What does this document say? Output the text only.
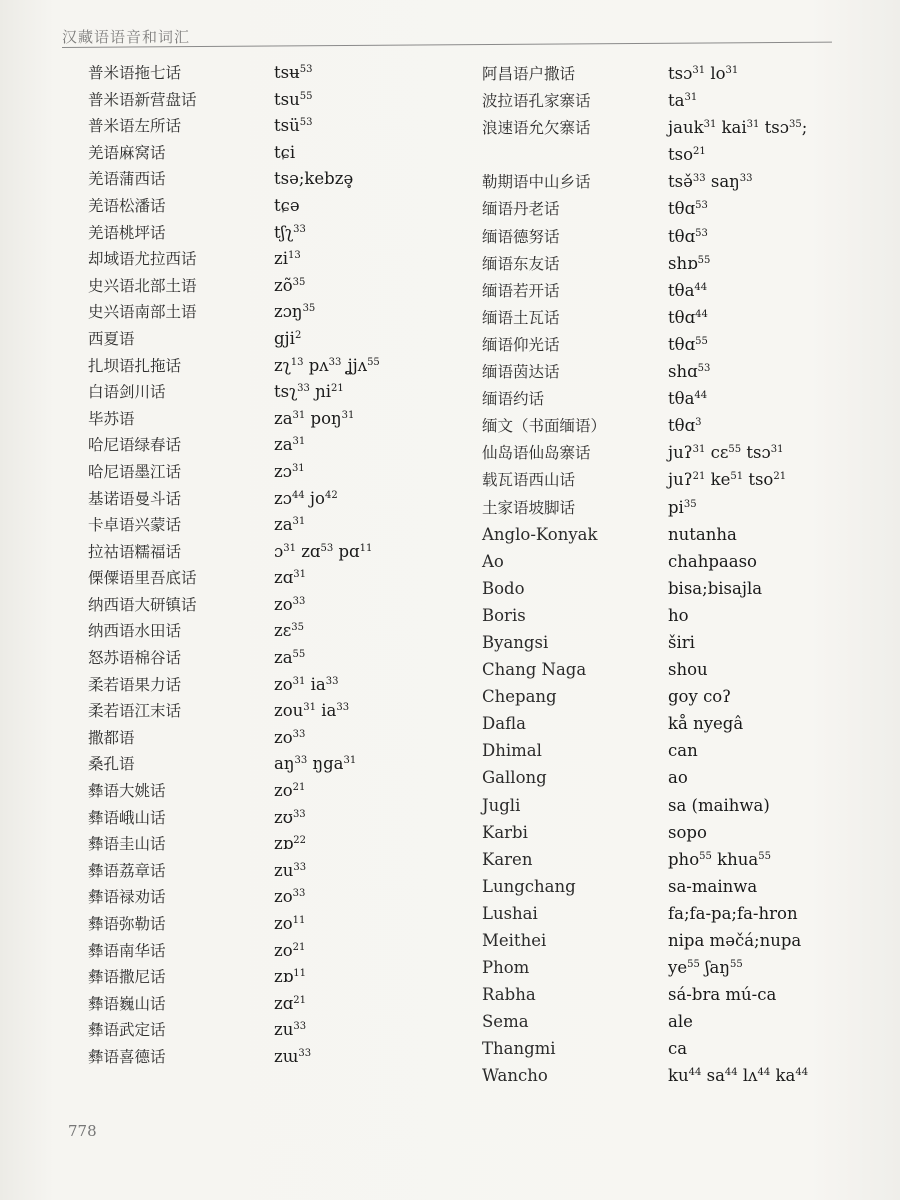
汉藏语语音和词汇
普米语拖七话	tsʉ$^{53}$
普米语新营盘话	tsu$^{55}$
普米语左所话	tsü$^{53}$
羌语麻窝话	tɕi
羌语蒲西话	tsə;kebzə̥
羌语松潘话	tɕə
羌语桃坪话	tʃʅ$^{33}$
却域语尤拉西话	$zi^{13}$
史兴语北部土语	$zõ^{35}$
史兴语南部土语	zɔŋ$^{35}$
西夏语	gji$^2$
扎坝语扎拖话	zʅ$^{13}$ pʌ$^{33}$ ʝjʌ$^{55}$
白语剑川话	tsʅ$^{33}$ ɲi$^{21}$
毕苏语	$za^{31}$ poŋ$^{31}$
哈尼语绿春话	$za^{31}$
哈尼语墨江话	zɔ$^{31}$
基诺语曼斗话	zɔ$^{44}$ $jo^{42}$
卡卓语兴蒙话	$za^{31}$
拉祜语糯福话	ɔ$^{31}$ zɑ$^{53}$ pɑ$^{11}$
傈僳语里吾底话	zɑ$^{31}$
纳西语大研镇话	$zo^{33}$
纳西语水田话	zɛ$^{35}$
怒苏语棉谷话	$za^{55}$
柔若语果力话	$zo^{31}$ $ia^{33}$
柔若语江末话	zou$^{31}$ $ia^{33}$
撒都语	$zo^{33}$
桑孔语	$aŋ^{33}$ ŋga$^{31}$
彝语大姚话	$zo^{21}$
彝语峨山话	zʊ$^{33}$
彝语圭山话	zɒ$^{22}$
彝语荔章话	$zu^{33}$
彝语禄劝话	$zo^{33}$
彝语弥勒话	$zo^{11}$
彝语南华话	$zo^{21}$
彝语撒尼话	zɒ$^{11}$
彝语巍山话	zɑ$^{21}$
彝语武定话	$zu^{33}$
彝语喜德话	zɯ$^{33}$
阿昌语户撒话	tsɔ$^{31}$ $lo^{31}$
波拉语孔家寨话	$ta^{31}$
浪速语允欠寨话	jauk$^{31}$ kai$^{31}$ tsɔ$^{35}$;
tso$^{21}$
勒期语中山乡话	tsə̌$^{33}$ saŋ$^{33}$
缅语丹老话	tθɑ$^{53}$
缅语德努话	tθɑ$^{53}$
缅语东友话	shɒ$^{55}$
缅语若开话	tθa$^{44}$
缅语土瓦话	tθɑ$^{44}$
缅语仰光话	tθɑ$^{55}$
缅语茵达话	shɑ$^{53}$
缅语约话	tθa$^{44}$
缅文（书面缅语）	tθɑ$^3$
仙岛语仙岛寨话	juʔ$^{31}$ cɛ$^{55}$ tsɔ$^{31}$
载瓦语西山话	juʔ$^{21}$ $ke^{51}$ tso$^{21}$
土家语坡脚话	$pi^{35}$
Anglo-Konyak	nutanha
Ao	chahpaaso
Bodo	bisa;bisajla
Boris	ho
Byangsi	širi
Chang Naga	shou
Chepang	goy coʔ
Dafla	kå nyegâ
Dhimal	can
Gallong	ao
Jugli	sa (maihwa)
Karbi	sopo
Karen	pho$^{55}$ khua$^{55}$
Lungchang	sa-mainwa
Lushai	fa;fa-pa;fa-hron
Meithei	nipa məčá;nupa
Phom	$ye^{55}$ ʃaŋ$^{55}$
Rabha	sá-bra mú-ca
Sema	ale
Thangmi	ca
Wancho	$ku^{44}$ $sa^{44}$ lʌ$^{44}$ $ka^{44}$
778
